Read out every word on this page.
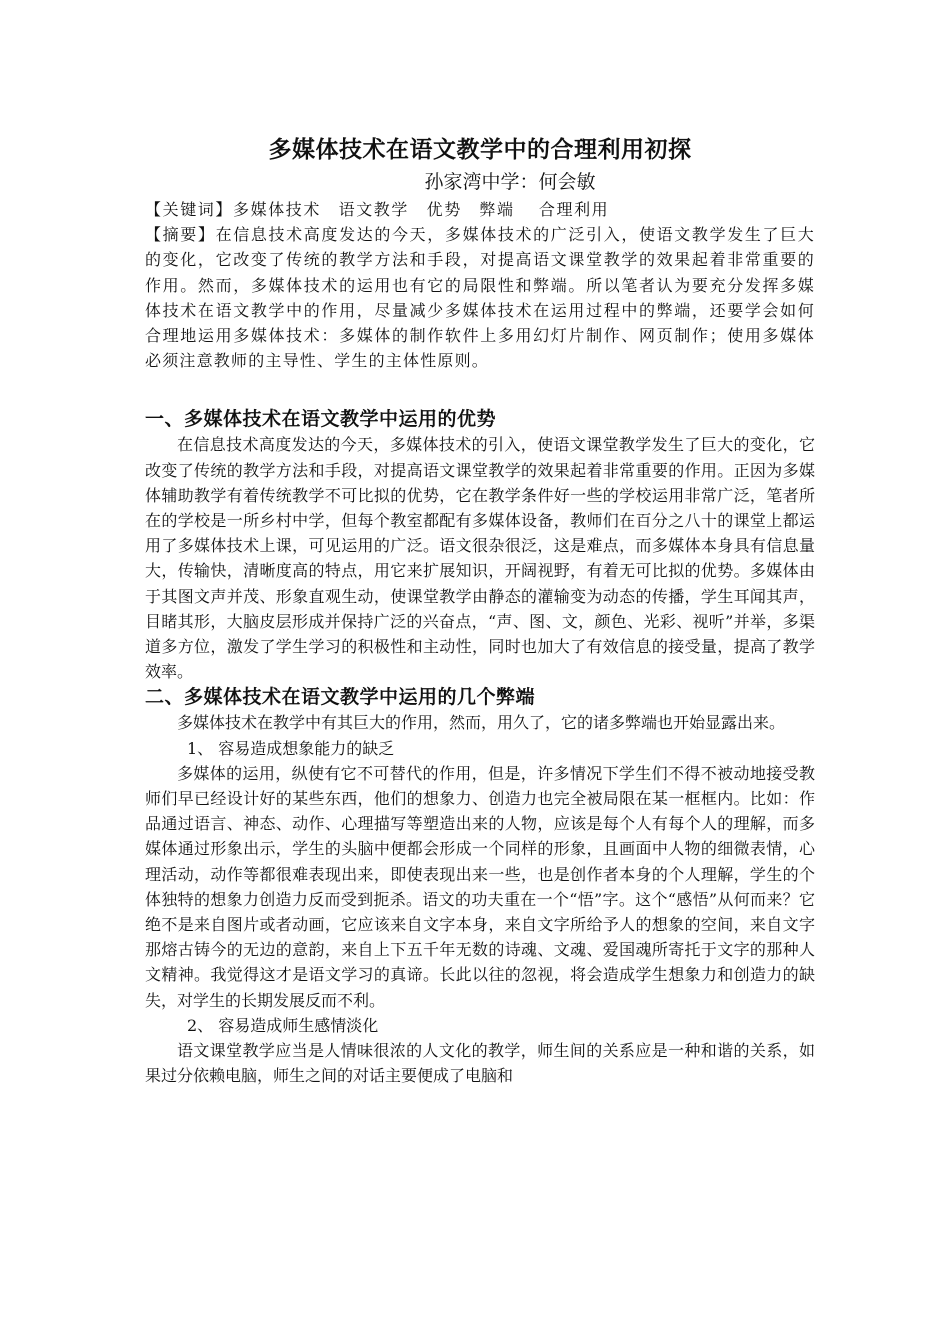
多媒体技术在语文教学中的合理利用初探

孙家湾中学：何会敏

【关键词】多媒体技术　语文教学　优势　弊端　 合理利用

【摘要】在信息技术高度发达的今天，多媒体技术的广泛引入，使语文教学发生了巨大的变化，它改变了传统的教学方法和手段，对提高语文课堂教学的效果起着非常重要的作用。然而，多媒体技术的运用也有它的局限性和弊端。所以笔者认为要充分发挥多媒体技术在语文教学中的作用，尽量减少多媒体技术在运用过程中的弊端，还要学会如何合理地运用多媒体技术：多媒体的制作软件上多用幻灯片制作、网页制作；使用多媒体必须注意教师的主导性、学生的主体性原则。

一、多媒体技术在语文教学中运用的优势

在信息技术高度发达的今天，多媒体技术的引入，使语文课堂教学发生了巨大的变化，它改变了传统的教学方法和手段，对提高语文课堂教学的效果起着非常重要的作用。正因为多媒体辅助教学有着传统教学不可比拟的优势，它在教学条件好一些的学校运用非常广泛，笔者所在的学校是一所乡村中学，但每个教室都配有多媒体设备，教师们在百分之八十的课堂上都运用了多媒体技术上课，可见运用的广泛。语文很杂很泛，这是难点，而多媒体本身具有信息量大，传输快，清晰度高的特点，用它来扩展知识，开阔视野，有着无可比拟的优势。多媒体由于其图文声并茂、形象直观生动，使课堂教学由静态的灌输变为动态的传播，学生耳闻其声，目睹其形，大脑皮层形成并保持广泛的兴奋点，“声、图、文，颜色、光彩、视听”并举，多渠道多方位，激发了学生学习的积极性和主动性，同时也加大了有效信息的接受量，提高了教学效率。

二、多媒体技术在语文教学中运用的几个弊端

多媒体技术在教学中有其巨大的作用，然而，用久了，它的诸多弊端也开始显露出来。

1、 容易造成想象能力的缺乏

多媒体的运用，纵使有它不可替代的作用，但是，许多情况下学生们不得不被动地接受教师们早已经设计好的某些东西，他们的想象力、创造力也完全被局限在某一框框内。比如：作品通过语言、神态、动作、心理描写等塑造出来的人物，应该是每个人有每个人的理解，而多媒体通过形象出示，学生的头脑中便都会形成一个同样的形象，且画面中人物的细微表情，心理活动，动作等都很难表现出来，即使表现出来一些，也是创作者本身的个人理解，学生的个体独特的想象力创造力反而受到扼杀。语文的功夫重在一个“悟”字。这个“感悟”从何而来？它绝不是来自图片或者动画，它应该来自文字本身，来自文字所给予人的想象的空间，来自文字那熔古铸今的无边的意韵，来自上下五千年无数的诗魂、文魂、爱国魂所寄托于文字的那种人文精神。我觉得这才是语文学习的真谛。长此以往的忽视，将会造成学生想象力和创造力的缺失，对学生的长期发展反而不利。

2、 容易造成师生感情淡化

语文课堂教学应当是人情味很浓的人文化的教学，师生间的关系应是一种和谐的关系，如果过分依赖电脑，师生之间的对话主要便成了电脑和
